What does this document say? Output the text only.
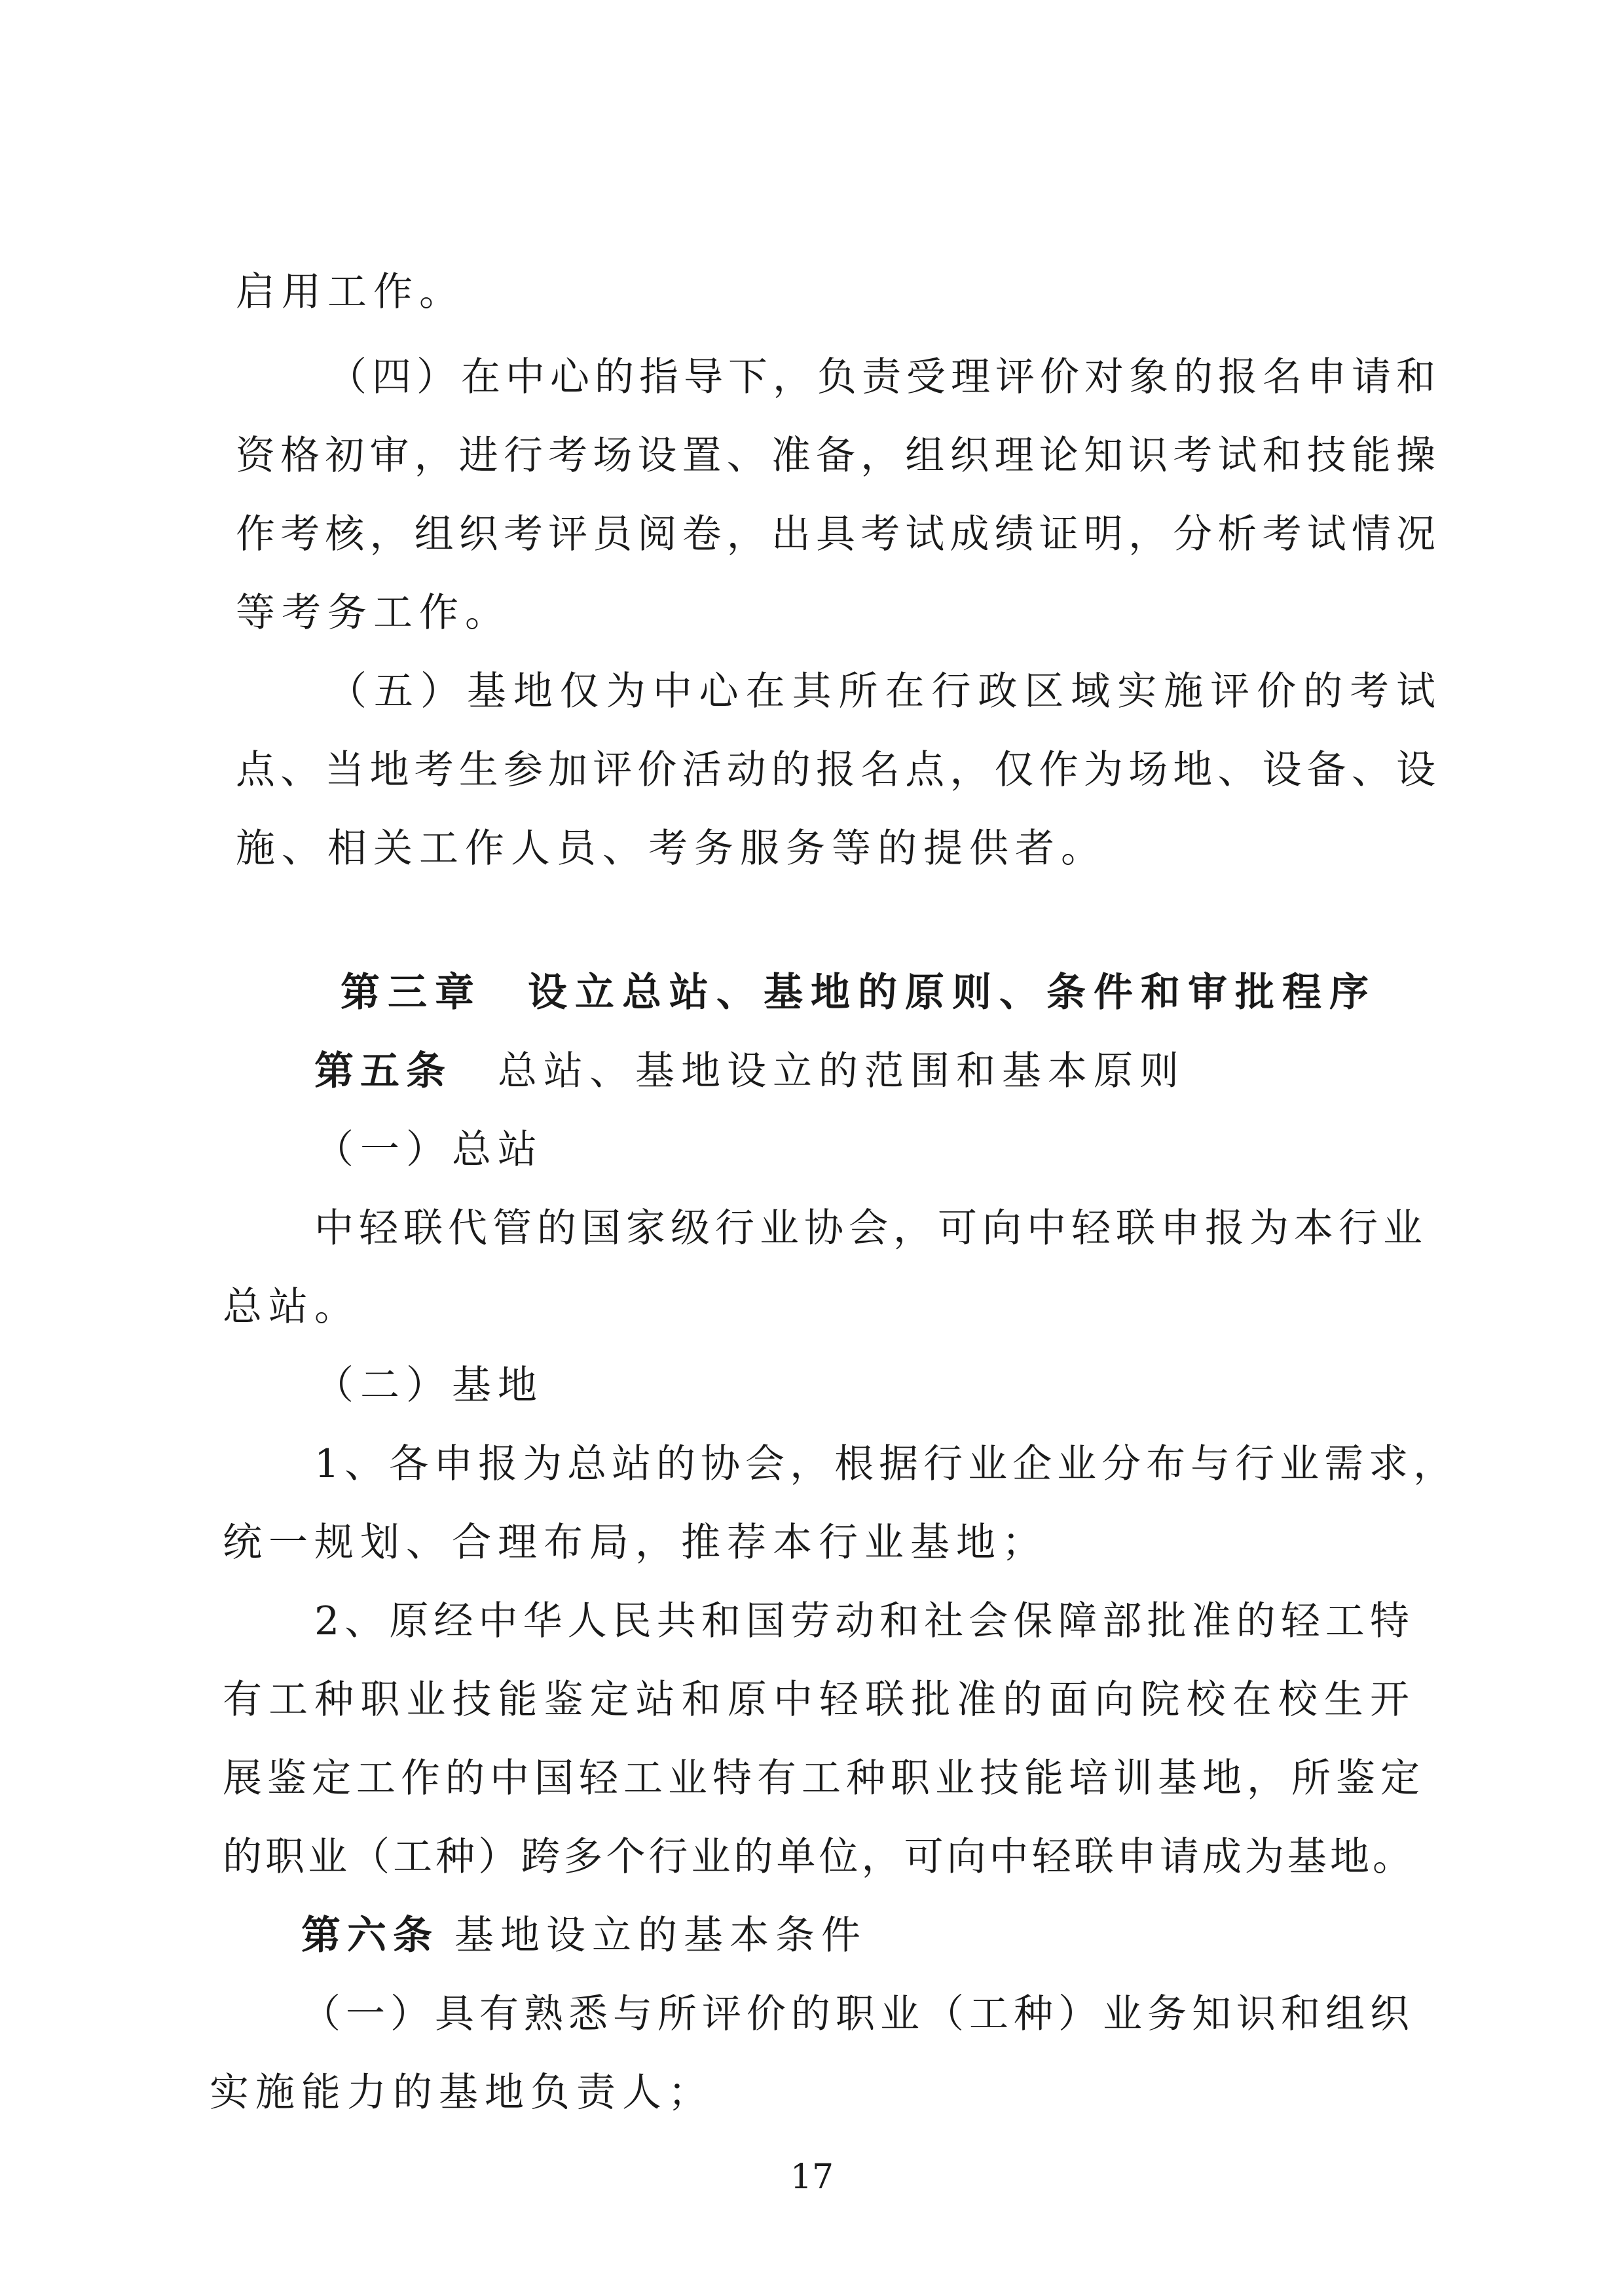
启用工作。
（四）在中心的指导下，负责受理评价对象的报名申请和
资格初审，进行考场设置、准备，组织理论知识考试和技能操
作考核，组织考评员阅卷，出具考试成绩证明，分析考试情况
等考务工作。
（五）基地仅为中心在其所在行政区域实施评价的考试
点、当地考生参加评价活动的报名点，仅作为场地、设备、设
施、相关工作人员、考务服务等的提供者。
第三章 设立总站、基地的原则、条件和审批程序
第五条 总站、基地设立的范围和基本原则
（一）总站
中轻联代管的国家级行业协会，可向中轻联申报为本行业
总站。
（二）基地
1、各申报为总站的协会，根据行业企业分布与行业需求，
统一规划、合理布局，推荐本行业基地；
2、原经中华人民共和国劳动和社会保障部批准的轻工特
有工种职业技能鉴定站和原中轻联批准的面向院校在校生开
展鉴定工作的中国轻工业特有工种职业技能培训基地，所鉴定
的职业（工种）跨多个行业的单位，可向中轻联申请成为基地。
第六条 基地设立的基本条件
（一）具有熟悉与所评价的职业（工种）业务知识和组织
实施能力的基地负责人；
17
